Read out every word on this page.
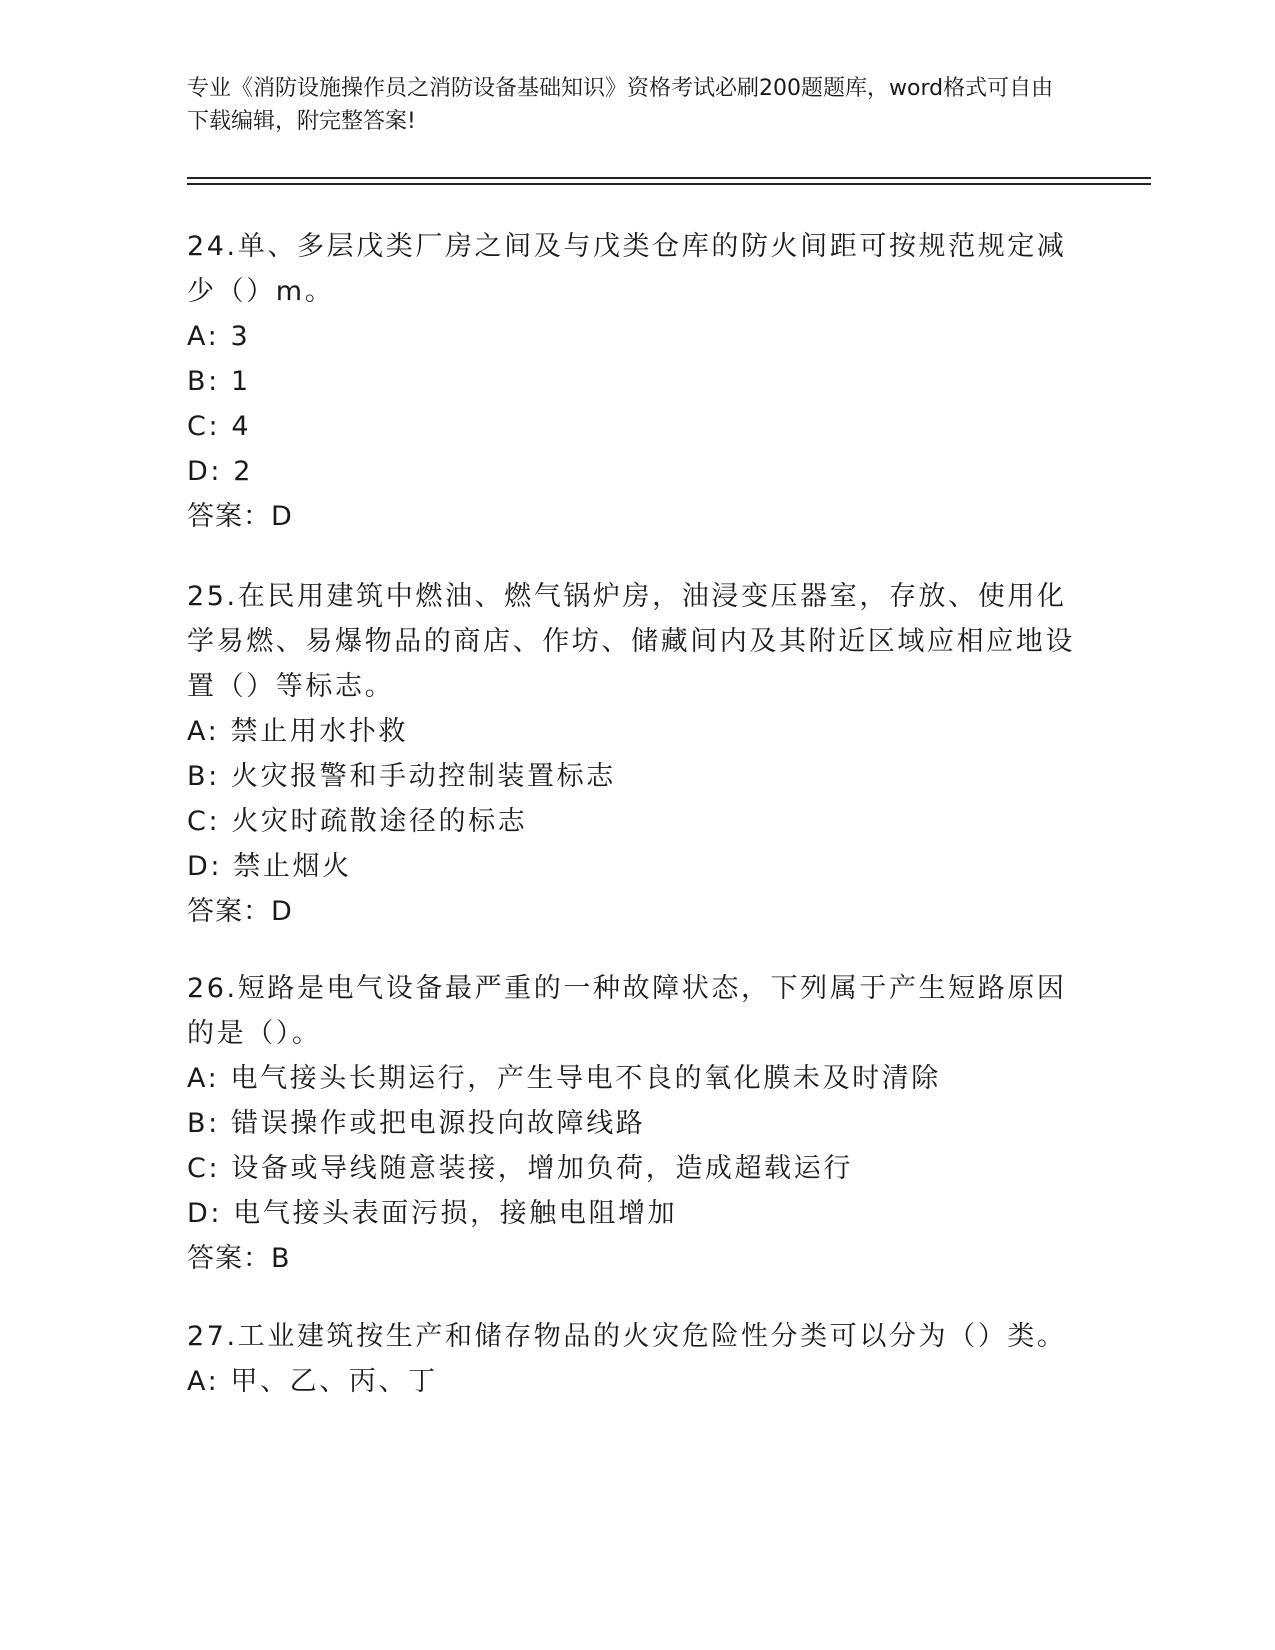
专业《消防设施操作员之消防设备基础知识》资格考试必刷200题题库，word格式可自由下载编辑，附完整答案!

24.单、多层戊类厂房之间及与戊类仓库的防火间距可按规范规定减少（）m。

A: 3

B: 1

C: 4

D: 2

答案：D

25.在民用建筑中燃油、燃气锅炉房，油浸变压器室，存放、使用化学易燃、易爆物品的商店、作坊、储藏间内及其附近区域应相应地设置（）等标志。

A: 禁止用水扑救

B: 火灾报警和手动控制装置标志

C: 火灾时疏散途径的标志

D: 禁止烟火

答案：D

26.短路是电气设备最严重的一种故障状态，下列属于产生短路原因的是（）。

A: 电气接头长期运行，产生导电不良的氧化膜未及时清除

B: 错误操作或把电源投向故障线路

C: 设备或导线随意装接，增加负荷，造成超载运行

D: 电气接头表面污损，接触电阻增加

答案：B

27.工业建筑按生产和储存物品的火灾危险性分类可以分为（）类。

A: 甲、乙、丙、丁
